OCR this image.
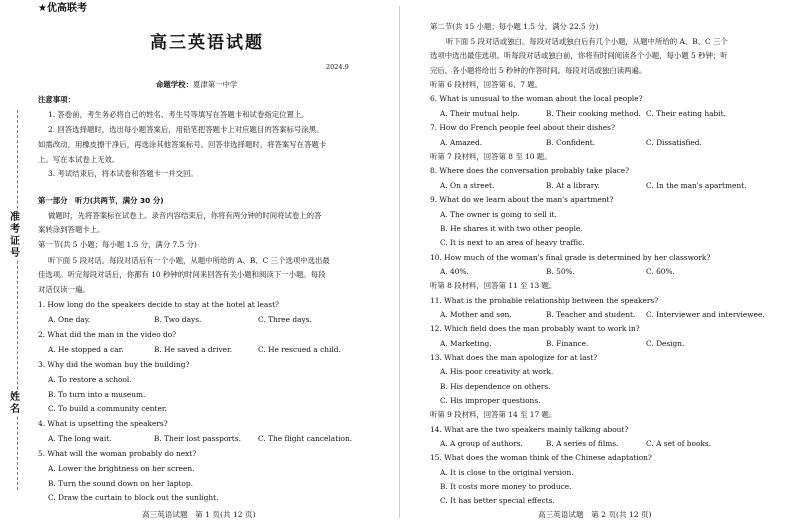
准考证号
姓名
★优高联考
高三英语试题
2024.9
命题学校：夏津第一中学
注意事项：
1. 答卷前，考生务必将自己的姓名、考生号等填写在答题卡和试卷指定位置上。
2. 回答选择题时，选出每小题答案后，用铅笔把答题卡上对应题目的答案标号涂黑。
如需改动，用橡皮擦干净后，再选涂其他答案标号。回答非选择题时，将答案写在答题卡
上。写在本试卷上无效。
3. 考试结束后，将本试卷和答题卡一并交回。
第一部分　听力(共两节，满分 30 分)
做题时，先将答案标在试卷上。录音内容结束后，你将有两分钟的时间将试卷上的答
案转涂到答题卡上。
第一节(共 5 小题；每小题 1.5 分，满分 7.5 分)
听下面 5 段对话。每段对话后有一个小题，从题中所给的 A、B、C 三个选项中选出最
佳选项。听完每段对话后，你都有 10 秒钟的时间来回答有关小题和阅读下一小题。每段
对话仅读一遍。
1. How long do the speakers decide to stay at the hotel at least?
A. One day.	B. Two days.	C. Three days.
2. What did the man in the video do?
A. He stopped a car.	B. He saved a driver.	C. He rescued a child.
3. Why did the woman buy the building?
A. To restore a school.
B. To turn into a museum.
C. To build a community center.
4. What is upsetting the speakers?
A. The long wait.	B. Their lost passports. C. The flight cancelation.
5. What will the woman probably do next?
A. Lower the brightness on her screen.
B. Turn the sound down on her laptop.
C. Draw the curtain to block out the sunlight.
高三英语试题　第 1 页(共 12 页)
第二节(共 15 小题；每小题 1.5 分，满分 22.5 分)
听下面 5 段对话或独白。每段对话或独白后有几个小题，从题中所给的 A、B、C 三个
选项中选出最佳选项。听每段对话或独白前，你将有时间阅读各个小题，每小题 5 秒钟；听
完后，各小题将给出 5 秒钟的作答时间。每段对话或独白读两遍。
听第 6 段材料，回答第 6、7 题。
6. What is unusual to the woman about the local people?
A. Their mutual help.	B. Their cooking method. C. Their eating habit.
7. How do French people feel about their dishes?
A. Amazed.	B. Confident.	C. Dissatisfied.
听第 7 段材料，回答第 8 至 10 题。
8. Where does the conversation probably take place?
A. On a street.	B. At a library.	C. In the man's apartment.
9. What do we learn about the man's apartment?
A. The owner is going to sell it.
B. He shares it with two other people.
C. It is next to an area of heavy traffic.
10. How much of the woman's final grade is determined by her classwork?
A. 40%.	B. 50%.	C. 60%.
听第 8 段材料，回答第 11 至 13 题。
11. What is the probable relationship between the speakers?
A. Mother and son.	B. Teacher and student. C. Interviewer and interviewee.
12. Which field does the man probably want to work in?
A. Marketing.	B. Finance.	C. Design.
13. What does the man apologize for at last?
A. His poor creativity at work.
B. His dependence on others.
C. His improper questions.
听第 9 段材料，回答第 14 至 17 题。
14. What are the two speakers mainly talking about?
A. A group of authors.	B. A series of films.	C. A set of books.
15. What does the woman think of the Chinese adaptation?
A. It is close to the original version.
B. It costs more money to produce.
C. It has better special effects.
高三英语试题　第 2 页(共 12 页)
